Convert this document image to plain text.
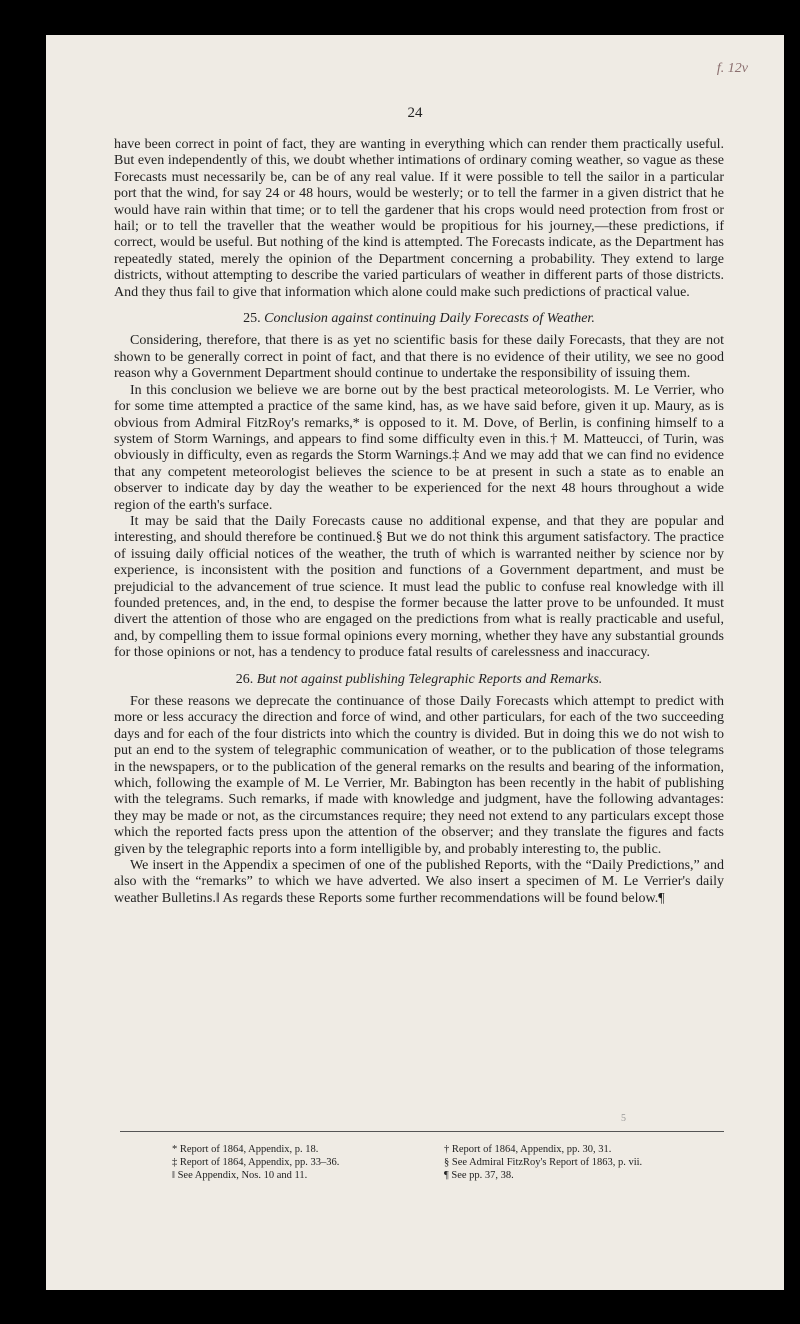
f. 12v
24

have been correct in point of fact, they are wanting in everything which can render them practically useful. But even independently of this, we doubt whether intimations of ordinary coming weather, so vague as these Forecasts must necessarily be, can be of any real value. If it were possible to tell the sailor in a particular port that the wind, for say 24 or 48 hours, would be westerly; or to tell the farmer in a given district that he would have rain within that time; or to tell the gardener that his crops would need protection from frost or hail; or to tell the traveller that the weather would be propitious for his journey,—these predictions, if correct, would be useful. But nothing of the kind is attempted. The Forecasts indicate, as the Department has repeatedly stated, merely the opinion of the Department concerning a probability. They extend to large districts, without attempting to describe the varied particulars of weather in different parts of those districts. And they thus fail to give that information which alone could make such predictions of practical value.

25. Conclusion against continuing Daily Forecasts of Weather.

Considering, therefore, that there is as yet no scientific basis for these daily Forecasts, that they are not shown to be generally correct in point of fact, and that there is no evidence of their utility, we see no good reason why a Government Department should continue to undertake the responsibility of issuing them.

In this conclusion we believe we are borne out by the best practical meteorologists. M. Le Verrier, who for some time attempted a practice of the same kind, has, as we have said before, given it up. Maury, as is obvious from Admiral FitzRoy's remarks,* is opposed to it. M. Dove, of Berlin, is confining himself to a system of Storm Warnings, and appears to find some difficulty even in this.† M. Matteucci, of Turin, was obviously in difficulty, even as regards the Storm Warnings.‡ And we may add that we can find no evidence that any competent meteorologist believes the science to be at present in such a state as to enable an observer to indicate day by day the weather to be experienced for the next 48 hours throughout a wide region of the earth's surface.

It may be said that the Daily Forecasts cause no additional expense, and that they are popular and interesting, and should therefore be continued.§ But we do not think this argument satisfactory. The practice of issuing daily official notices of the weather, the truth of which is warranted neither by science nor by experience, is inconsistent with the position and functions of a Government department, and must be prejudicial to the advancement of true science. It must lead the public to confuse real knowledge with ill founded pretences, and, in the end, to despise the former because the latter prove to be unfounded. It must divert the attention of those who are engaged on the predictions from what is really practicable and useful, and, by compelling them to issue formal opinions every morning, whether they have any substantial grounds for those opinions or not, has a tendency to produce fatal results of carelessness and inaccuracy.

26. But not against publishing Telegraphic Reports and Remarks.

For these reasons we deprecate the continuance of those Daily Forecasts which attempt to predict with more or less accuracy the direction and force of wind, and other particulars, for each of the two succeeding days and for each of the four districts into which the country is divided. But in doing this we do not wish to put an end to the system of telegraphic communication of weather, or to the publication of those telegrams in the newspapers, or to the publication of the general remarks on the results and bearing of the information, which, following the example of M. Le Verrier, Mr. Babington has been recently in the habit of publishing with the telegrams. Such remarks, if made with knowledge and judgment, have the following advantages: they may be made or not, as the circumstances require; they need not extend to any particulars except those which the reported facts press upon the attention of the observer; and they translate the figures and facts given by the telegraphic reports into a form intelligible by, and probably interesting to, the public.

We insert in the Appendix a specimen of one of the published Reports, with the “Daily Predictions,” and also with the “remarks” to which we have adverted. We also insert a specimen of M. Le Verrier's daily weather Bulletins.‖ As regards these Reports some further recommendations will be found below.¶

5
* Report of 1864, Appendix, p. 18.	† Report of 1864, Appendix, pp. 30, 31.
‡ Report of 1864, Appendix, pp. 33–36.	§ See Admiral FitzRoy's Report of 1863, p. vii.
‖ See Appendix, Nos. 10 and 11.	¶ See pp. 37, 38.
